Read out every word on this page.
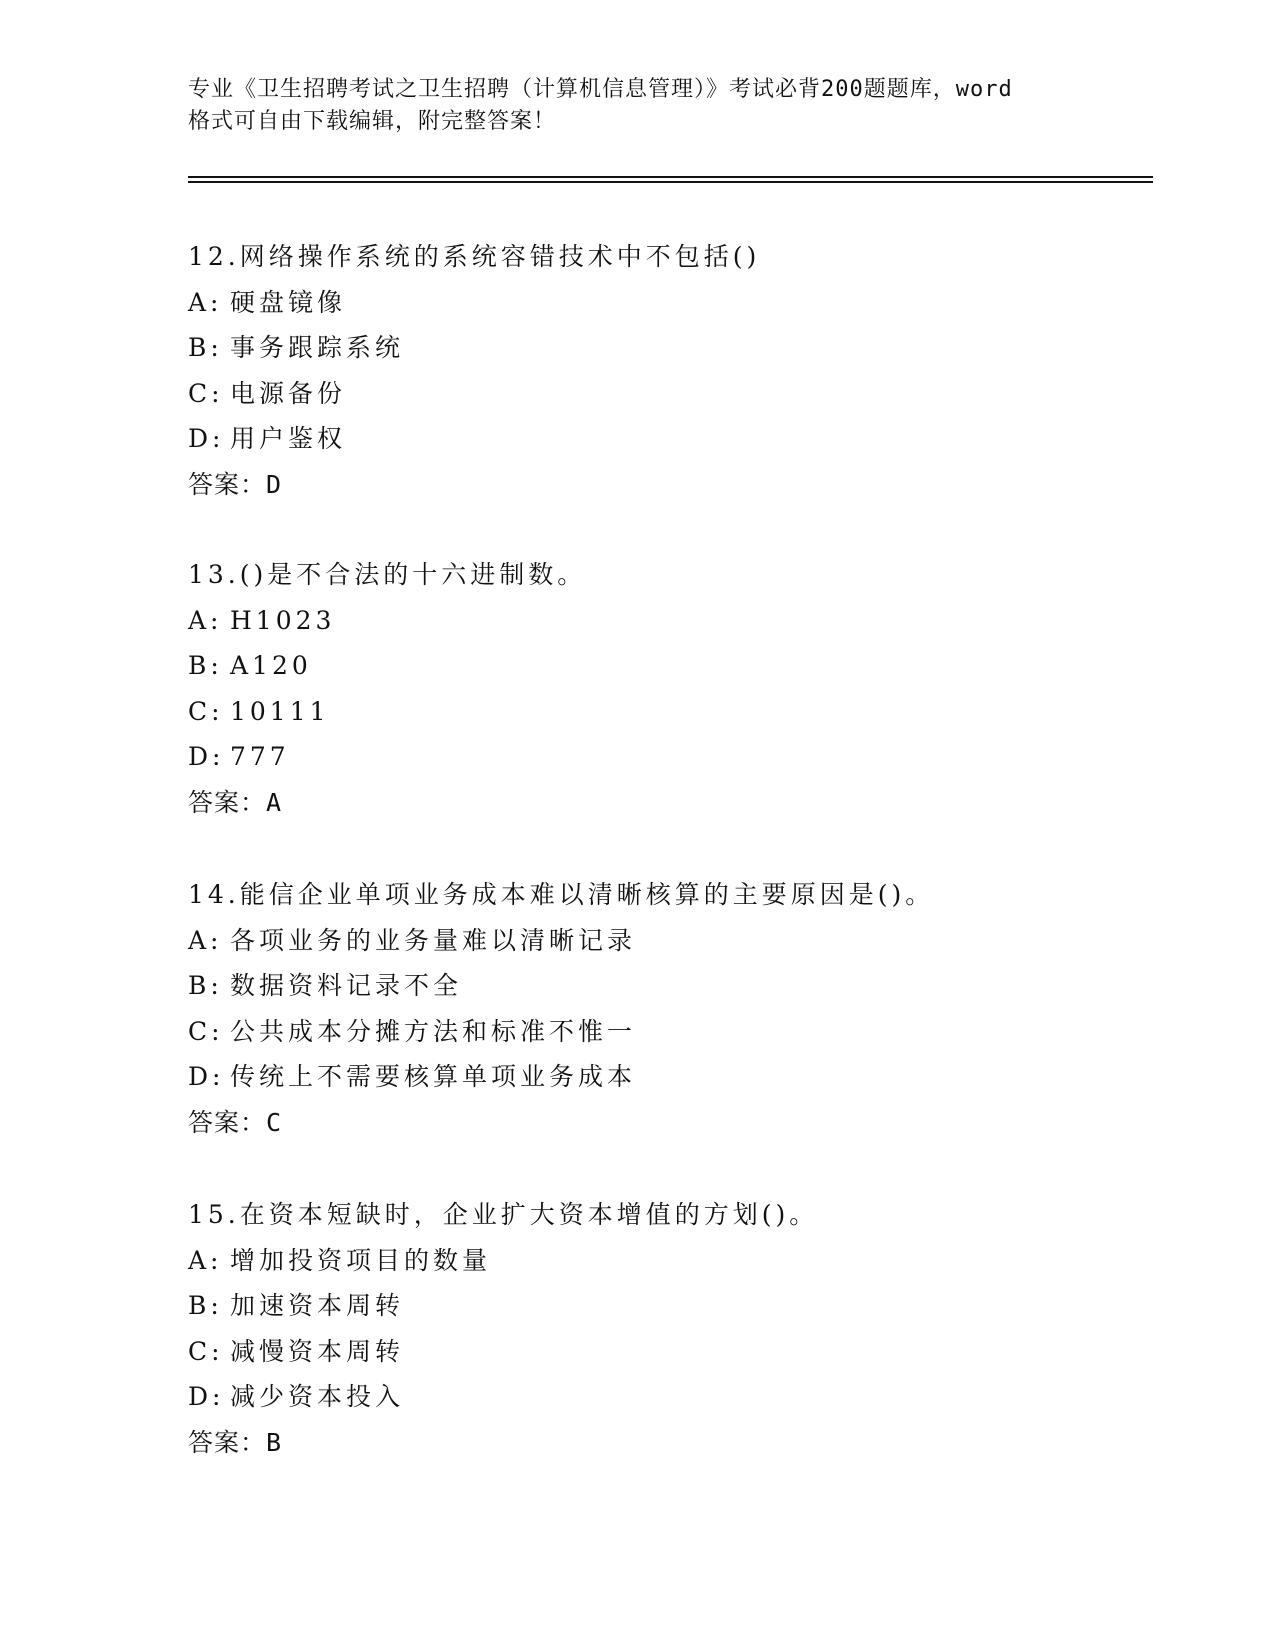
专业《卫生招聘考试之卫生招聘（计算机信息管理）》考试必背200题题库，word
格式可自由下载编辑，附完整答案！
12.网络操作系统的系统容错技术中不包括()
A: 硬盘镜像
B: 事务跟踪系统
C: 电源备份
D: 用户鉴权
答案：D
13.()是不合法的十六进制数。
A: H1023
B: A120
C: 10111
D: 777
答案：A
14.能信企业单项业务成本难以清晰核算的主要原因是()。
A: 各项业务的业务量难以清晰记录
B: 数据资料记录不全
C: 公共成本分摊方法和标准不惟一
D: 传统上不需要核算单项业务成本
答案：C
15.在资本短缺时，企业扩大资本增值的方划()。
A: 增加投资项目的数量
B: 加速资本周转
C: 减慢资本周转
D: 减少资本投入
答案：B
